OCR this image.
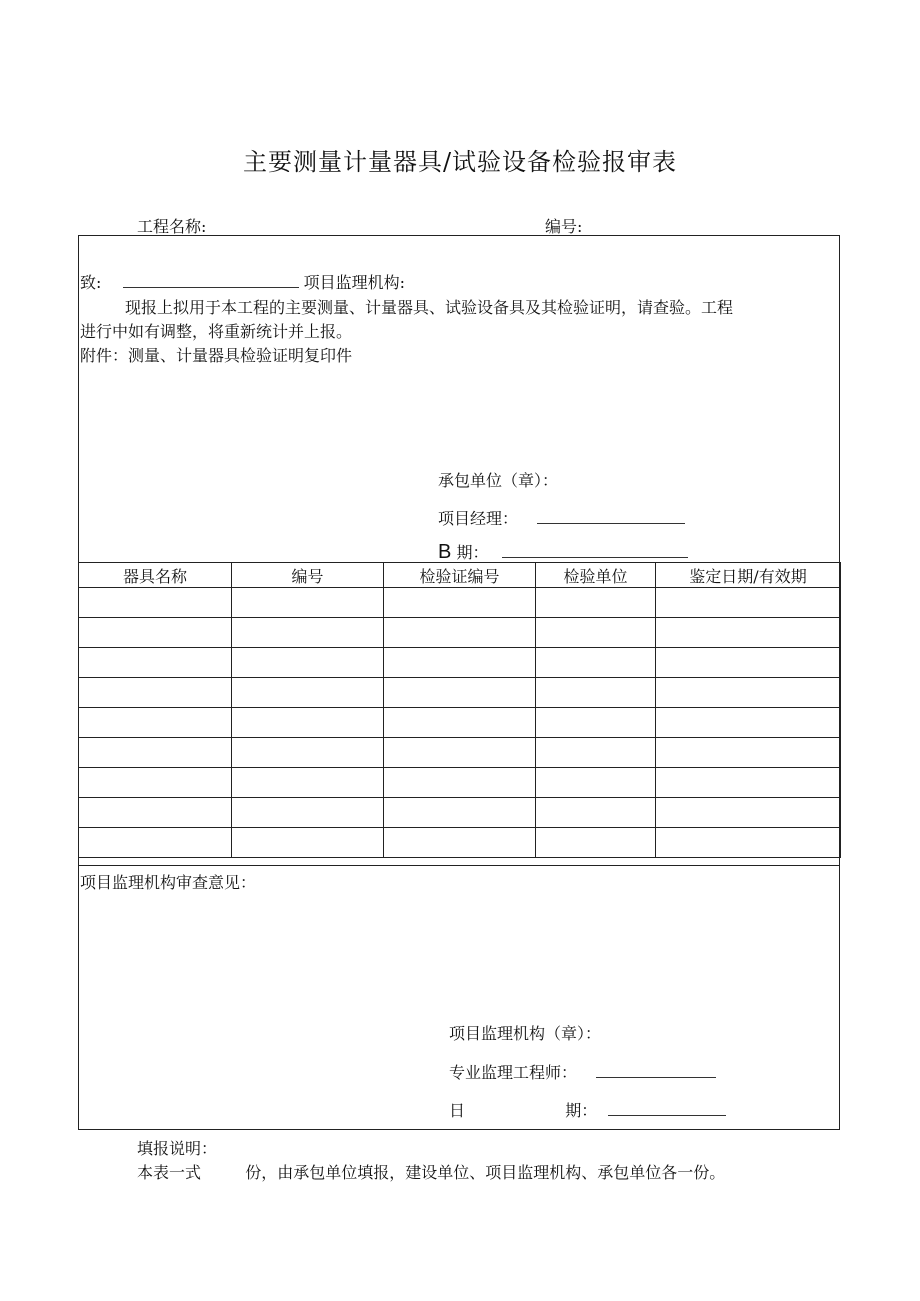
主要测量计量器具/试验设备检验报审表
工程名称:	编号:
致:	项目监理机构:
现报上拟用于本工程的主要测量、计量器具、试验设备具及其检验证明，请查验。工程
进行中如有调整，将重新统计并上报。
附件：测量、计量器具检验证明复印件
承包单位（章）：
项目经理：
B 期：
器具名称	编号	检验证编号	检验单位	鉴定日期/有效期

项目监理机构审查意见：
项目监理机构（章）：
专业监理工程师：
日	期：
填报说明：
本表一式	份，由承包单位填报，建设单位、项目监理机构、承包单位各一份。
